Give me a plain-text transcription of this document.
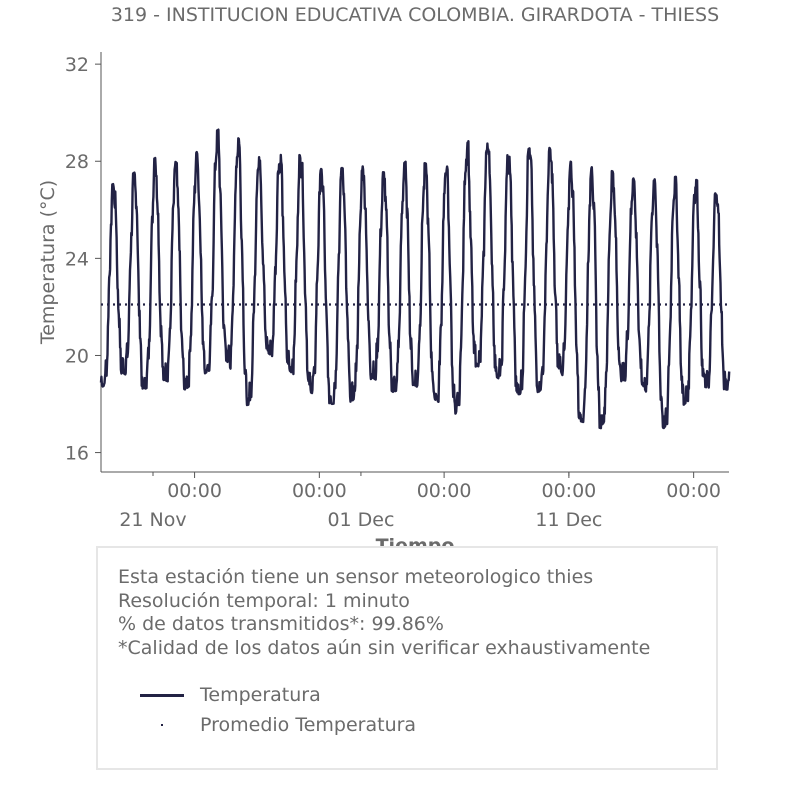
319 - INSTITUCION EDUCATIVA COLOMBIA. GIRARDOTA - THIESS
16
20
24
28
32
00:00	00:00	00:00	00:00	00:00
21 Nov	01 Dec	11 Dec
Temperatura (°C)
Esta estación tiene un sensor meteorologico thies
Resolución temporal: 1 minuto
% de datos transmitidos*: 99.86%
*Calidad de los datos aún sin verificar exhaustivamente
Temperatura
Promedio Temperatura
